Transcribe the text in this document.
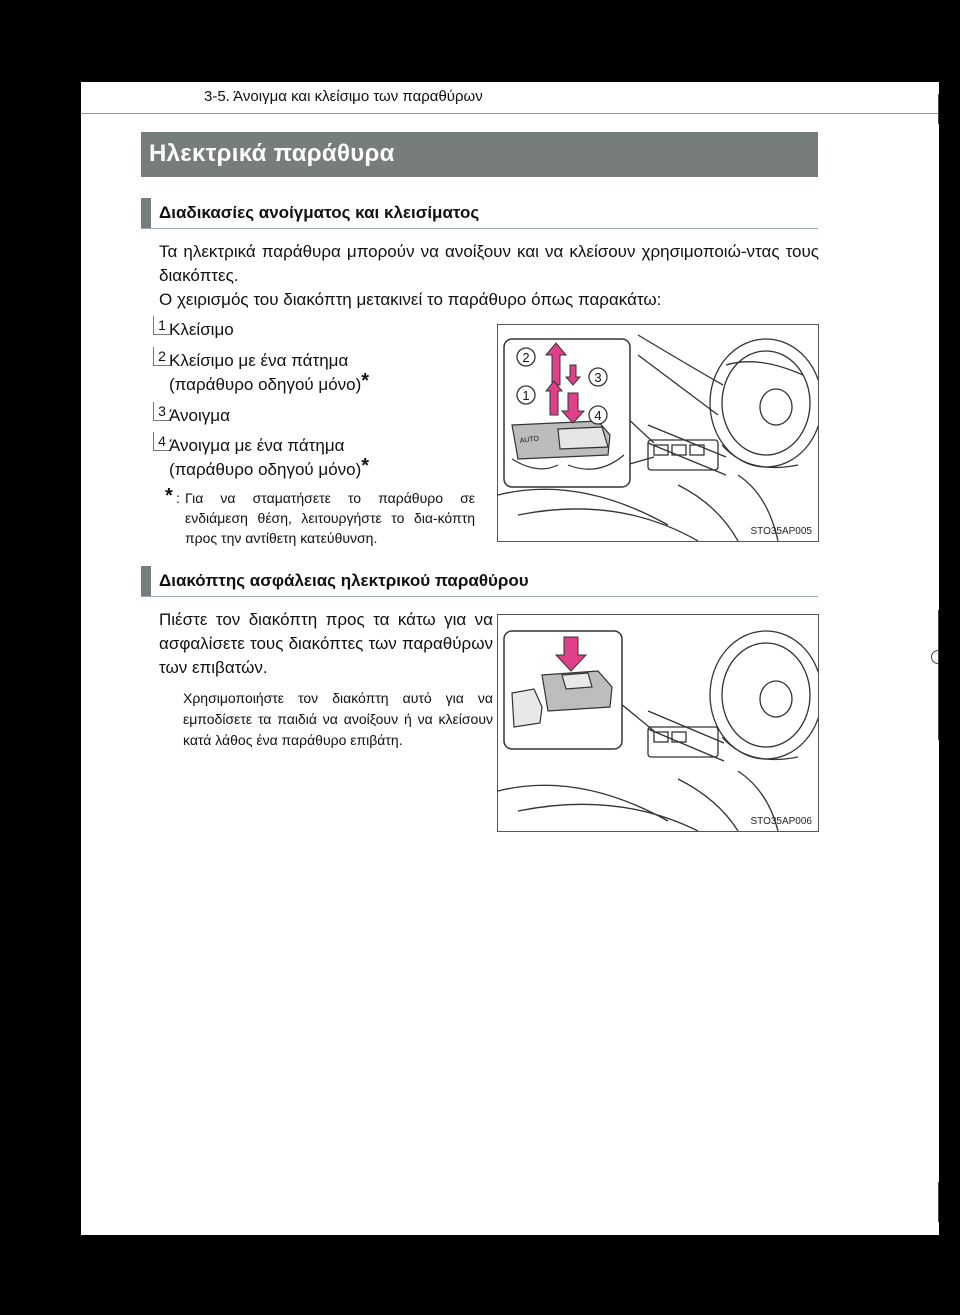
3-5. Άνοιγμα και κλείσιμο των παραθύρων
Ηλεκτρικά παράθυρα
Διαδικασίες ανοίγματος και κλεισίματος
Τα ηλεκτρικά παράθυρα μπορούν να ανοίξουν και να κλείσουν χρησιμοποιώ-ντας τους διακόπτες.
Ο χειρισμός του διακόπτη μετακινεί το παράθυρο όπως παρακάτω:
1 Κλείσιμο
2 Κλείσιμο με ένα πάτημα
(παράθυρο οδηγού μόνο)*
3 Άνοιγμα
4 Άνοιγμα με ένα πάτημα
(παράθυρο οδηγού μόνο)*
* : Για να σταματήσετε το παράθυρο σε ενδιάμεση θέση, λειτουργήστε το δια-κόπτη προς την αντίθετη κατεύθυνση.
AUTO
2
3
1
4
STO35AP005
Διακόπτης ασφάλειας ηλεκτρικού παραθύρου
Πιέστε τον διακόπτη προς τα κάτω για να ασφαλίσετε τους διακόπτες των παραθύρων των επιβατών.
Χρησιμοποιήστε τον διακόπτη αυτό για να εμποδίσετε τα παιδιά να ανοίξουν ή να κλείσουν κατά λάθος ένα παράθυρο επιβάτη.
STO35AP006
